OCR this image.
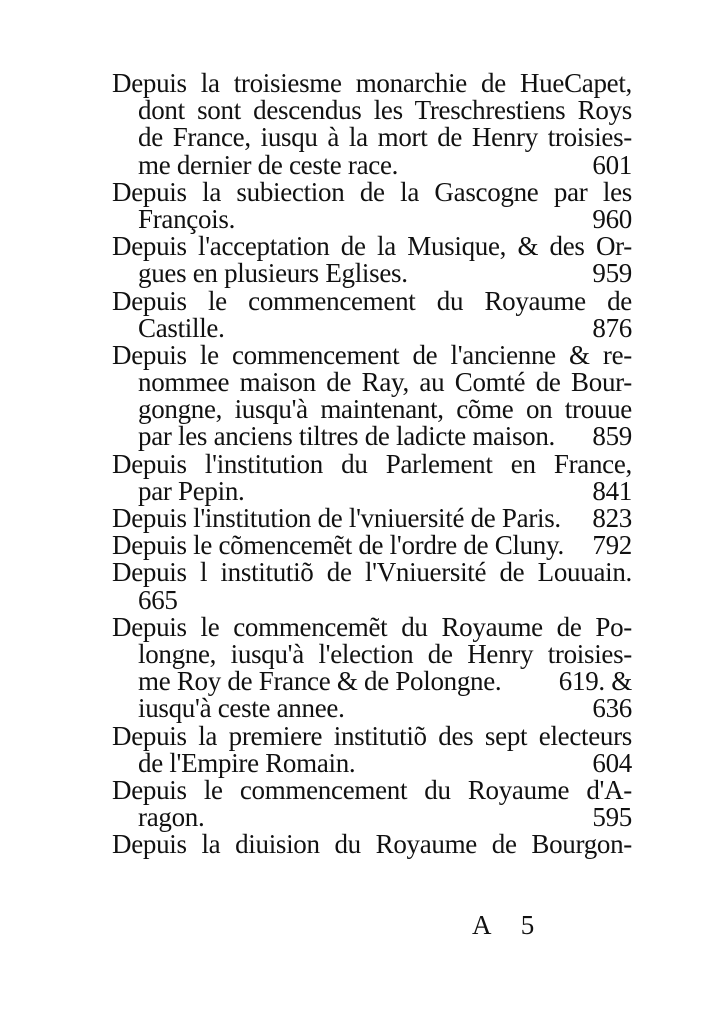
Depuis la troisiesme monarchie de HueCapet,
dont sont descendus les Treschrestiens Roys
de France, iusqu à la mort de Henry troisies-
me dernier de ceste race.	601
Depuis la subiection de la Gascogne par les
François.	960
Depuis l'acceptation de la Musique, & des Or-
gues en plusieurs Eglises.	959
Depuis le commencement du Royaume de
Castille.	876
Depuis le commencement de l'ancienne & re-
nommee maison de Ray, au Comté de Bour-
gongne, iusqu'à maintenant, cõme on trouue
par les anciens tiltres de ladicte maison. 859
Depuis l'institution du Parlement en France,
par Pepin.	841
Depuis l'institution de l'vniuersité de Paris. 823
Depuis le cõmencemẽt de l'ordre de Cluny. 792
Depuis l institutiõ de l'Vniuersité de Louuain.
665
Depuis le commencemẽt du Royaume de Po-
longne, iusqu'à l'election de Henry troisies-
me Roy de France & de Polongne. 619. &
iusqu'à ceste annee.	636
Depuis la premiere institutiõ des sept electeurs
de l'Empire Romain.	604
Depuis le commencement du Royaume d'A-
ragon.	595
Depuis la diuision du Royaume de Bourgon-
A 5
